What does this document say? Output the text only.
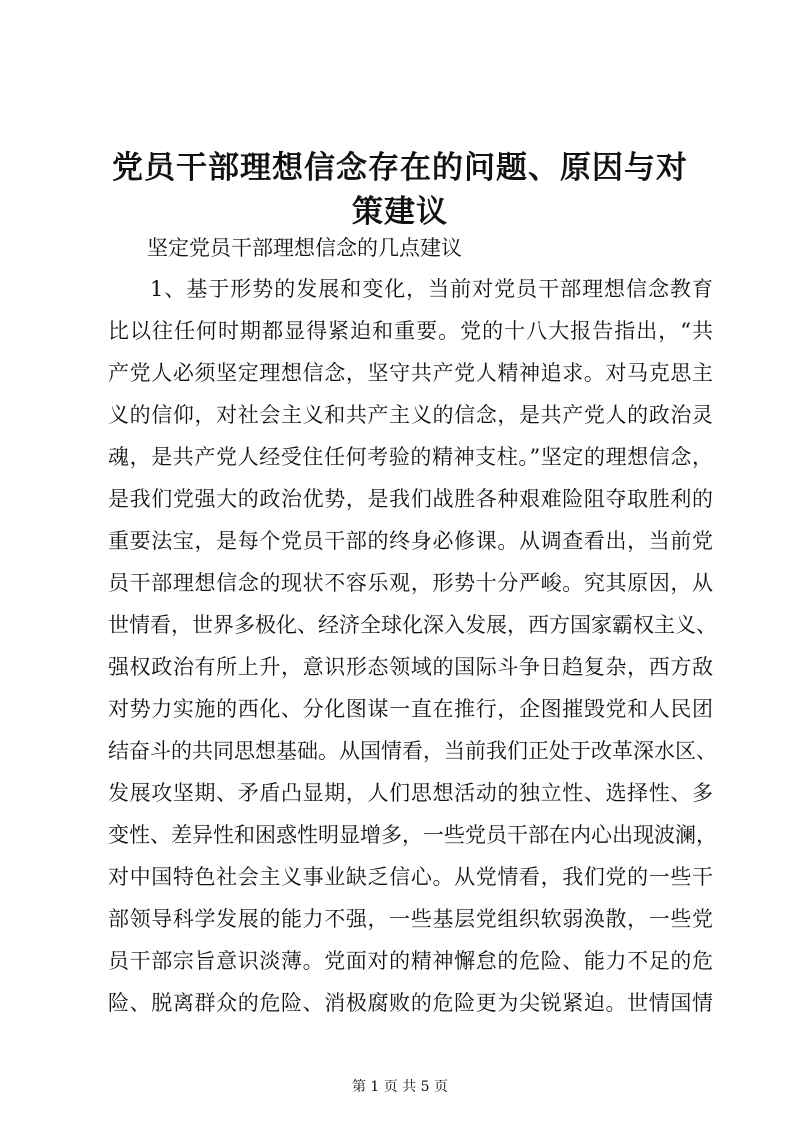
党员干部理想信念存在的问题、原因与对策建议

坚定党员干部理想信念的几点建议

1、基于形势的发展和变化，当前对党员干部理想信念教育
比以往任何时期都显得紧迫和重要。党的十八大报告指出，“共
产党人必须坚定理想信念，坚守共产党人精神追求。对马克思主
义的信仰，对社会主义和共产主义的信念，是共产党人的政治灵
魂，是共产党人经受住任何考验的精神支柱。”坚定的理想信念，
是我们党强大的政治优势，是我们战胜各种艰难险阻夺取胜利的
重要法宝，是每个党员干部的终身必修课。从调查看出，当前党
员干部理想信念的现状不容乐观，形势十分严峻。究其原因，从
世情看，世界多极化、经济全球化深入发展，西方国家霸权主义、
强权政治有所上升，意识形态领域的国际斗争日趋复杂，西方敌
对势力实施的西化、分化图谋一直在推行，企图摧毁党和人民团
结奋斗的共同思想基础。从国情看，当前我们正处于改革深水区、
发展攻坚期、矛盾凸显期，人们思想活动的独立性、选择性、多
变性、差异性和困惑性明显增多，一些党员干部在内心出现波澜，
对中国特色社会主义事业缺乏信心。从党情看，我们党的一些干
部领导科学发展的能力不强，一些基层党组织软弱涣散，一些党
员干部宗旨意识淡薄。党面对的精神懈怠的危险、能力不足的危
险、脱离群众的危险、消极腐败的危险更为尖锐紧迫。世情国情
第 1 页 共 5 页
